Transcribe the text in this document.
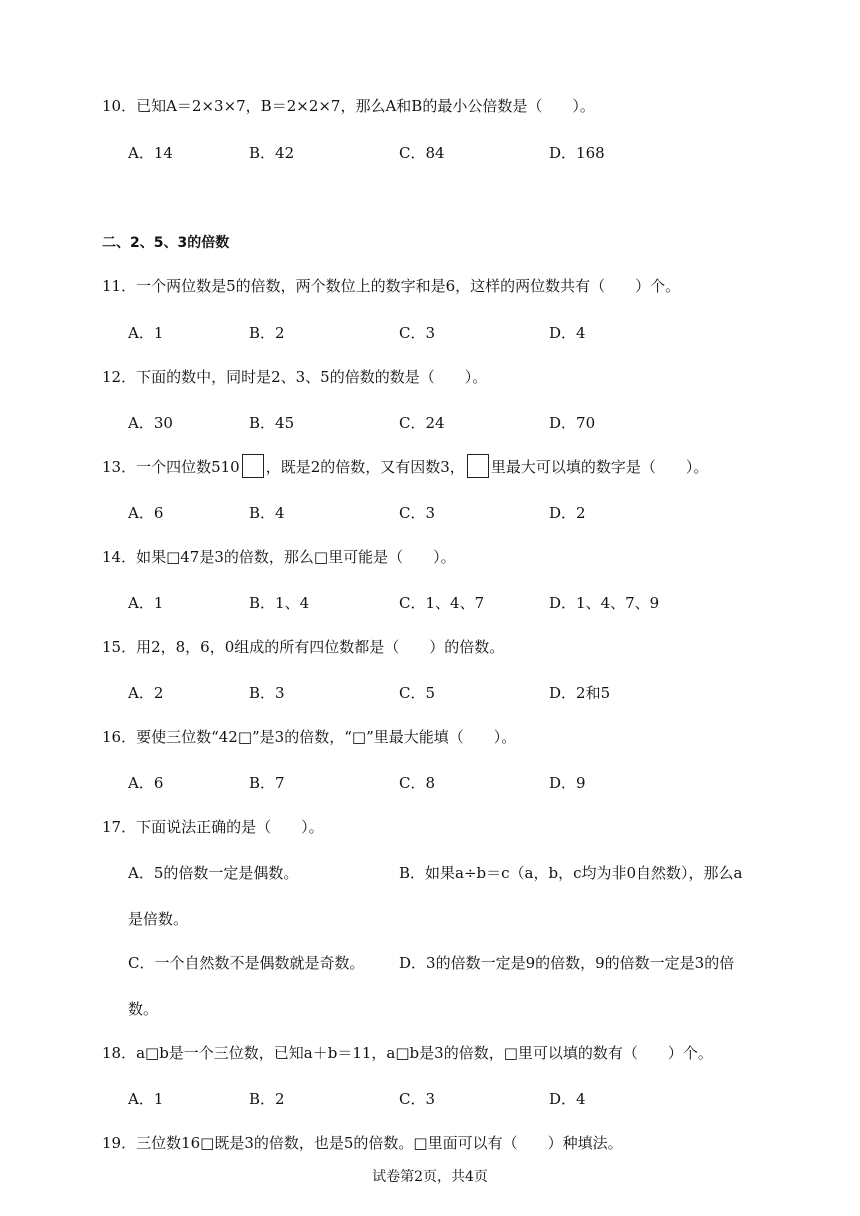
10．已知A＝2×3×7，B＝2×2×7，那么A和B的最小公倍数是（　　）。
A．14	B．42	C．84	D．168
二、2、5、3的倍数
11．一个两位数是5的倍数，两个数位上的数字和是6，这样的两位数共有（　　）个。
A．1	B．2	C．3	D．4
12．下面的数中，同时是2、3、5的倍数的数是（　　）。
A．30	B．45	C．24	D．70
13．一个四位数510 ，既是2的倍数，又有因数3， 里最大可以填的数字是（　　）。
A．6	B．4	C．3	D．2
14．如果□47是3的倍数，那么□里可能是（　　）。
A．1	B．1、4	C．1、4、7	D．1、4、7、9
15．用2，8，6，0组成的所有四位数都是（　　）的倍数。
A．2	B．3	C．5	D．2和5
16．要使三位数“42□”是3的倍数，“□”里最大能填（　　）。
A．6	B．7	C．8	D．9
17．下面说法正确的是（　　）。
A．5的倍数一定是偶数。	B．如果a÷b＝c（a，b，c均为非0自然数），那么a
是倍数。
C．一个自然数不是偶数就是奇数。 D．3的倍数一定是9的倍数，9的倍数一定是3的倍
数。
18．a□b是一个三位数，已知a＋b＝11，a□b是3的倍数，□里可以填的数有（　　）个。
A．1	B．2	C．3	D．4
19．三位数16□既是3的倍数，也是5的倍数。□里面可以有（　　）种填法。
试卷第2页，共4页
